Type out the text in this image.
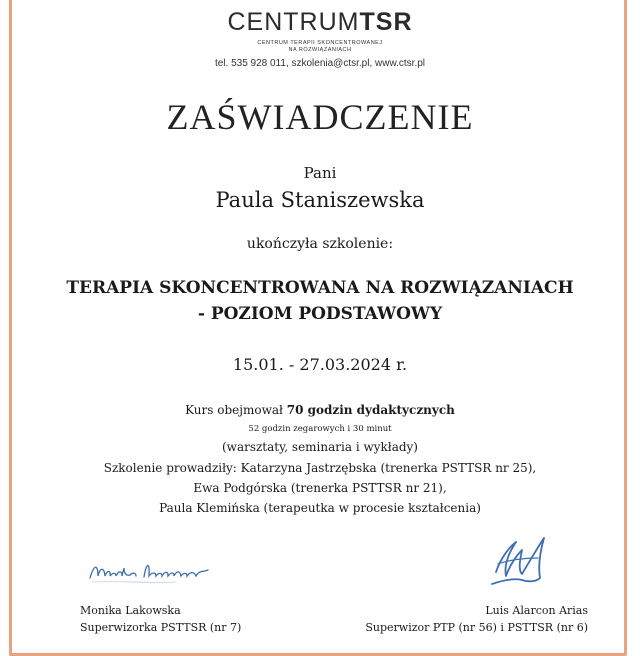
CENTRUMTSR
CENTRUM TERAPII SKONCENTROWANEJ
NA ROZWIĄZANIACH
tel. 535 928 011, szkolenia@ctsr.pl, www.ctsr.pl
ZAŚWIADCZENIE
Pani
Paula Staniszewska
ukończyła szkolenie:
TERAPIA SKONCENTROWANA NA ROZWIĄZANIACH
- POZIOM PODSTAWOWY
15.01. - 27.03.2024 r.
Kurs obejmował 70 godzin dydaktycznych
52 godzin zegarowych i 30 minut
(warsztaty, seminaria i wykłady)
Szkolenie prowadziły: Katarzyna Jastrzębska (trenerka PSTTSR nr 25),
Ewa Podgórska (trenerka PSTTSR nr 21),
Paula Klemińska (terapeutka w procesie kształcenia)
Monika Lakowska
Superwizorka PSTTSR (nr 7)
Luis Alarcon Arias
Superwizor PTP (nr 56) i PSTTSR (nr 6)
